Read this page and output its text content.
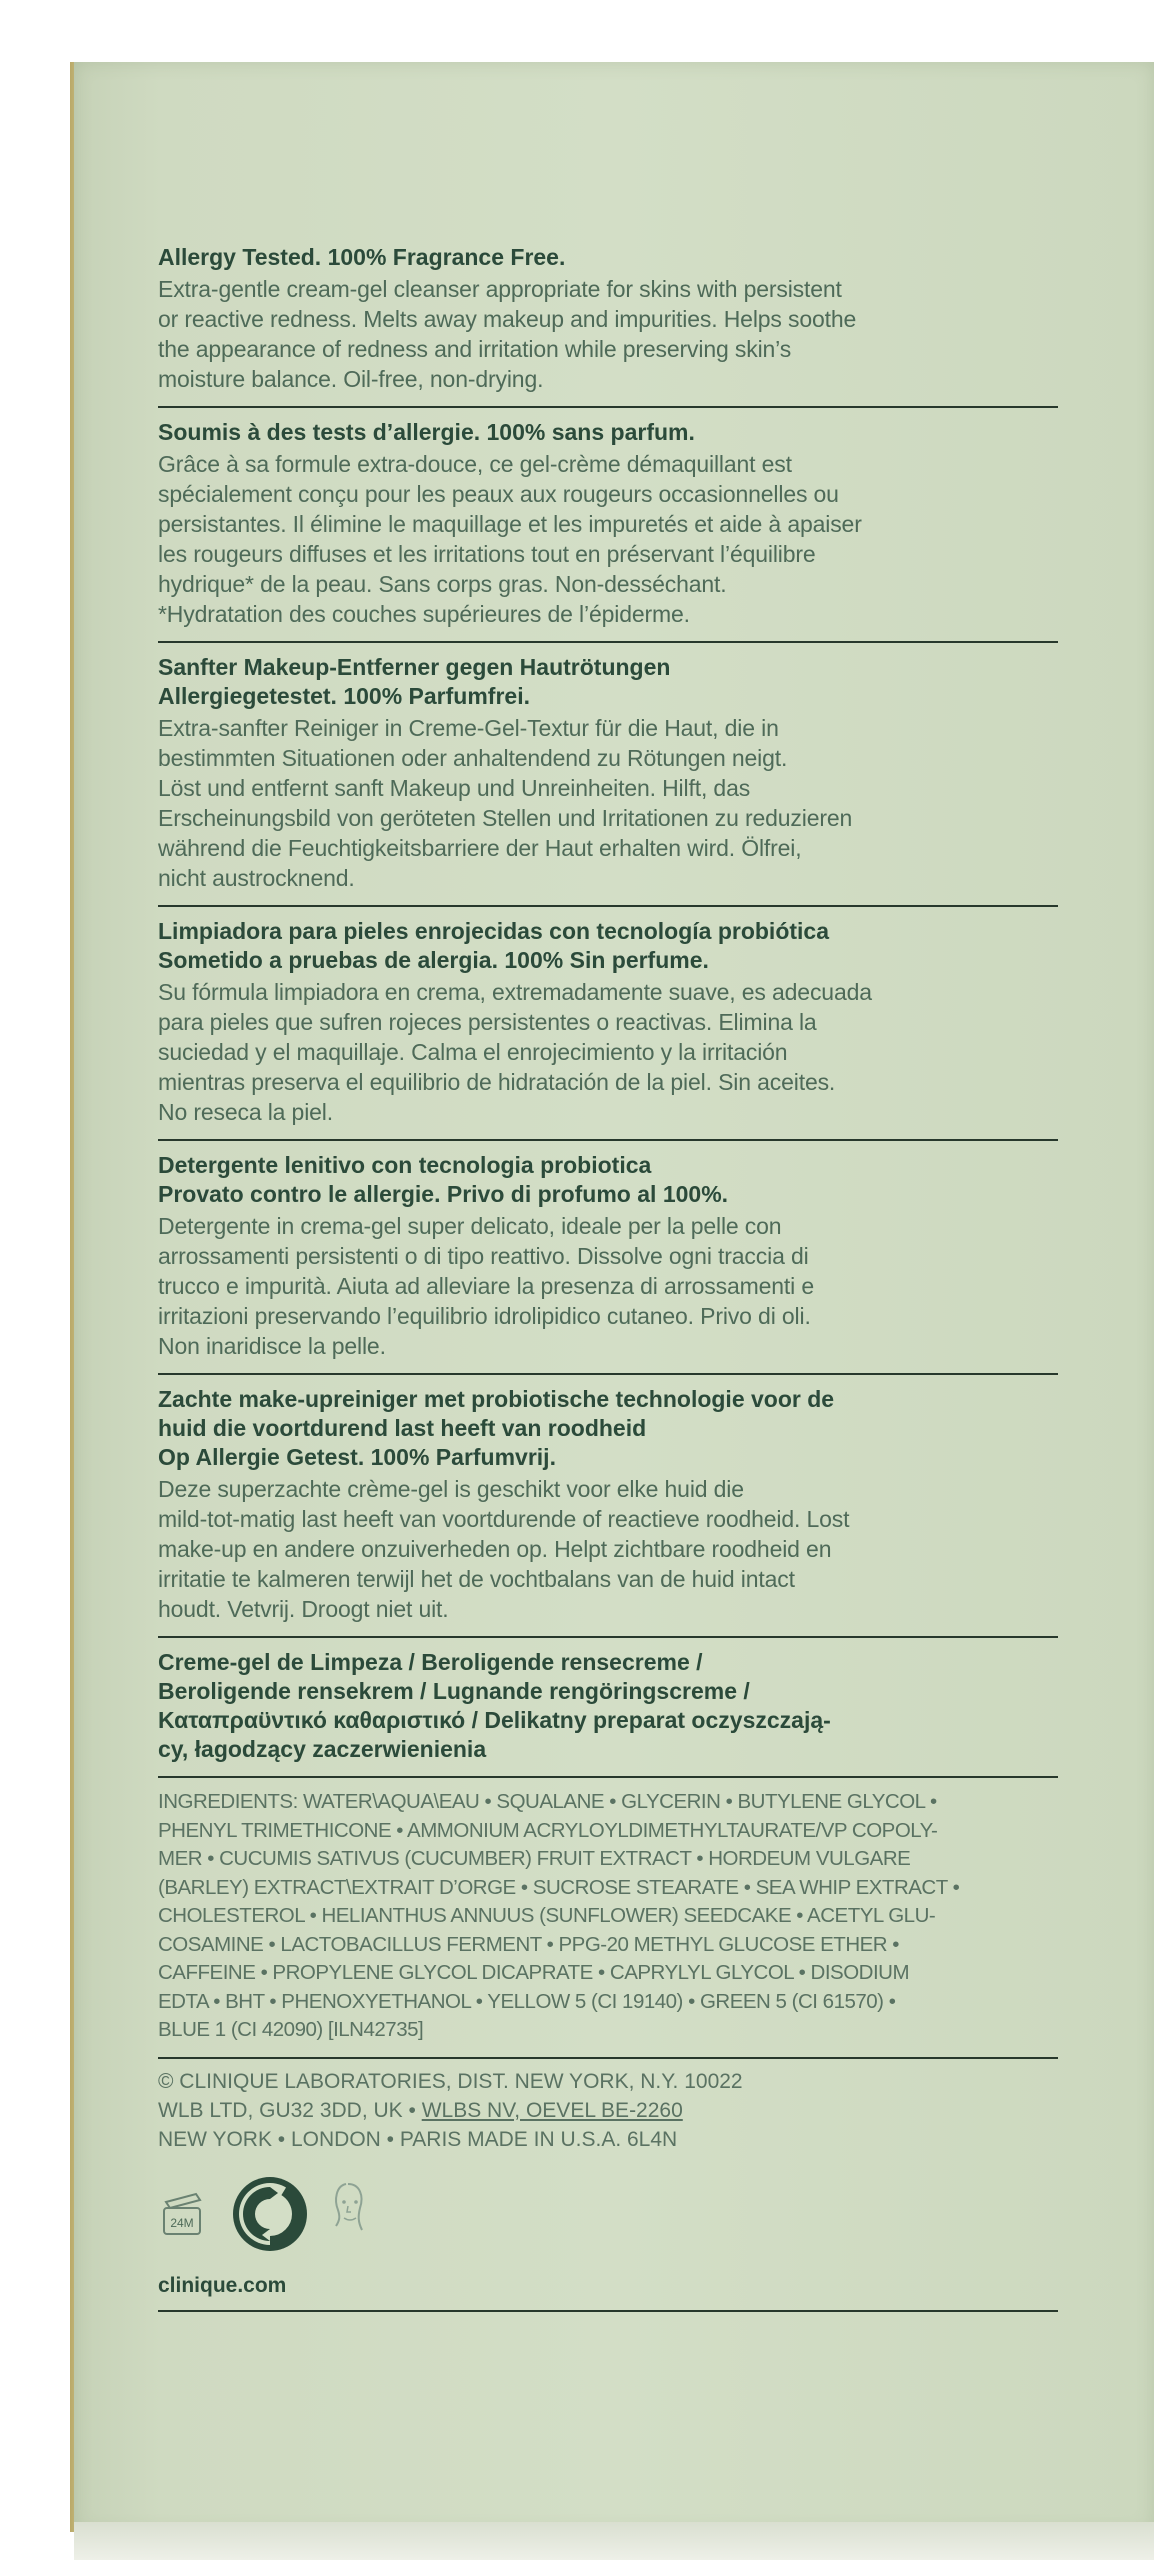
Allergy Tested. 100% Fragrance Free.

Extra-gentle cream-gel cleanser appropriate for skins with persistent

or reactive redness. Melts away makeup and impurities. Helps soothe

the appearance of redness and irritation while preserving skin’s

moisture balance. Oil-free, non-drying.

Soumis à des tests d’allergie. 100% sans parfum.

Grâce à sa formule extra-douce, ce gel-crème démaquillant est

spécialement conçu pour les peaux aux rougeurs occasionnelles ou

persistantes. Il élimine le maquillage et les impuretés et aide à apaiser

les rougeurs diffuses et les irritations tout en préservant l’équilibre

hydrique* de la peau. Sans corps gras. Non-desséchant.

*Hydratation des couches supérieures de l’épiderme.

Sanfter Makeup-Entferner gegen Hautrötungen

Allergiegetestet. 100% Parfumfrei.

Extra-sanfter Reiniger in Creme-Gel-Textur für die Haut, die in

bestimmten Situationen oder anhaltendend zu Rötungen neigt.

Löst und entfernt sanft Makeup und Unreinheiten. Hilft, das

Erscheinungsbild von geröteten Stellen und Irritationen zu reduzieren

während die Feuchtigkeitsbarriere der Haut erhalten wird. Ölfrei,

nicht austrocknend.

Limpiadora para pieles enrojecidas con tecnología probiótica

Sometido a pruebas de alergia. 100% Sin perfume.

Su fórmula limpiadora en crema, extremadamente suave, es adecuada

para pieles que sufren rojeces persistentes o reactivas. Elimina la

suciedad y el maquillaje. Calma el enrojecimiento y la irritación

mientras preserva el equilibrio de hidratación de la piel. Sin aceites.

No reseca la piel.

Detergente lenitivo con tecnologia probiotica

Provato contro le allergie. Privo di profumo al 100%.

Detergente in crema-gel super delicato, ideale per la pelle con

arrossamenti persistenti o di tipo reattivo. Dissolve ogni traccia di

trucco e impurità. Aiuta ad alleviare la presenza di arrossamenti e

irritazioni preservando l’equilibrio idrolipidico cutaneo. Privo di oli.

Non inaridisce la pelle.

Zachte make-upreiniger met probiotische technologie voor de

huid die voortdurend last heeft van roodheid

Op Allergie Getest. 100% Parfumvrij.

Deze superzachte crème-gel is geschikt voor elke huid die

mild-tot-matig last heeft van voortdurende of reactieve roodheid. Lost

make-up en andere onzuiverheden op. Helpt zichtbare roodheid en

irritatie te kalmeren terwijl het de vochtbalans van de huid intact

houdt. Vetvrij. Droogt niet uit.

Creme-gel de Limpeza / Beroligende rensecreme /

Beroligende rensekrem / Lugnande rengöringscreme /

Καταπραϋντικό καθαριστικό / Delikatny preparat oczyszczają-

cy, łagodzący zaczerwienienia

INGREDIENTS: WATER\AQUA\EAU • SQUALANE • GLYCERIN • BUTYLENE GLYCOL •

PHENYL TRIMETHICONE • AMMONIUM ACRYLOYLDIMETHYLTAURATE/VP COPOLY-

MER • CUCUMIS SATIVUS (CUCUMBER) FRUIT EXTRACT • HORDEUM VULGARE

(BARLEY) EXTRACT\EXTRAIT D’ORGE • SUCROSE STEARATE • SEA WHIP EXTRACT •

CHOLESTEROL • HELIANTHUS ANNUUS (SUNFLOWER) SEEDCAKE • ACETYL GLU-

COSAMINE • LACTOBACILLUS FERMENT • PPG-20 METHYL GLUCOSE ETHER •

CAFFEINE • PROPYLENE GLYCOL DICAPRATE • CAPRYLYL GLYCOL • DISODIUM

EDTA • BHT • PHENOXYETHANOL • YELLOW 5 (CI 19140) • GREEN 5 (CI 61570) •

BLUE 1 (CI 42090) [ILN42735]

© CLINIQUE LABORATORIES, DIST. NEW YORK, N.Y. 10022

WLB LTD, GU32 3DD, UK • WLBS NV, OEVEL BE-2260

NEW YORK • LONDON • PARIS MADE IN U.S.A. 6L4N

24M
clinique.com
